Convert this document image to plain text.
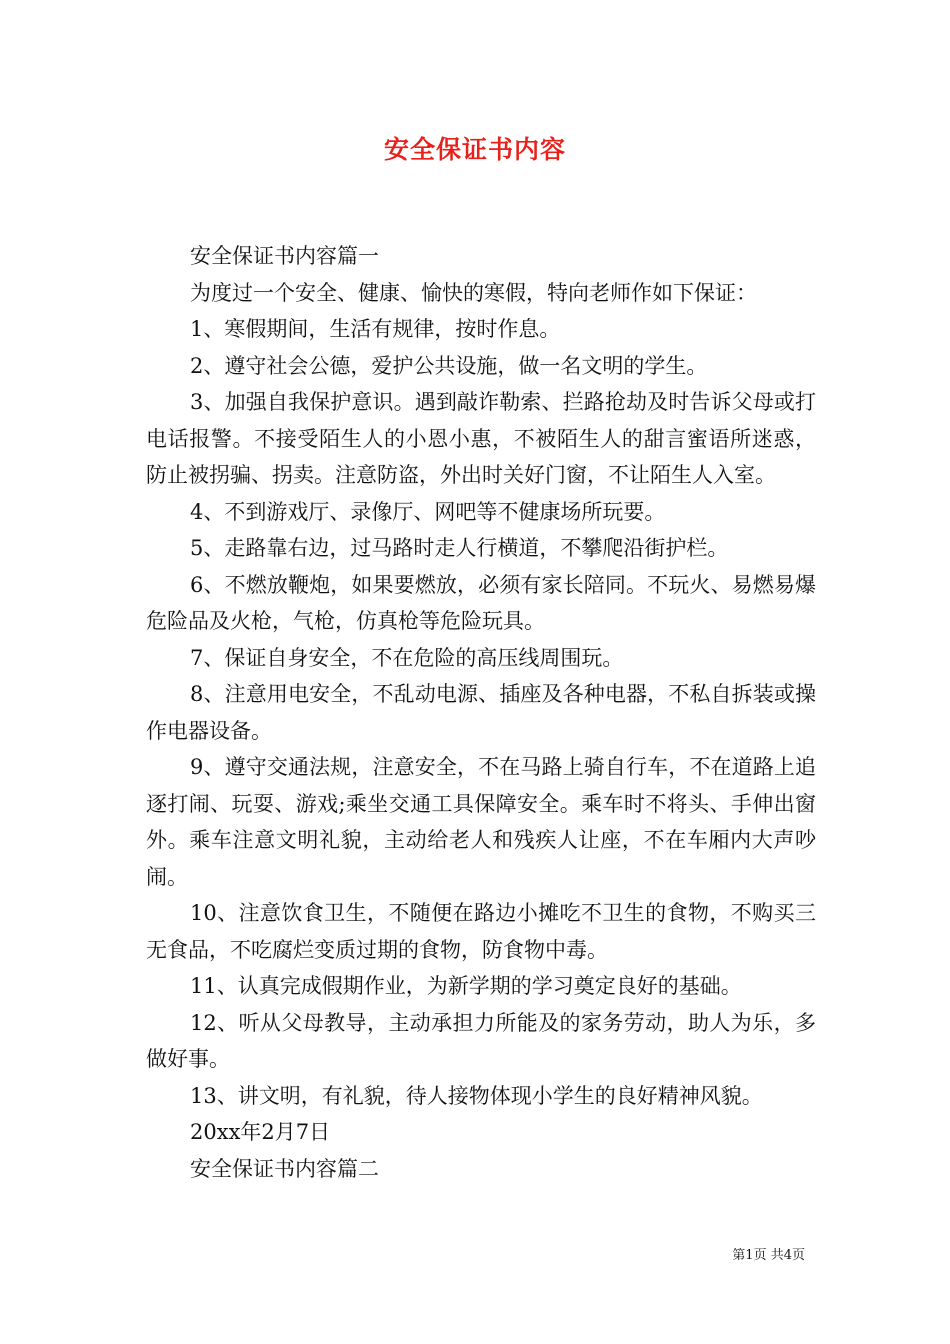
安全保证书内容

安全保证书内容篇一

为度过一个安全、健康、愉快的寒假，特向老师作如下保证：

1、寒假期间，生活有规律，按时作息。

2、遵守社会公德，爱护公共设施，做一名文明的学生。

3、加强自我保护意识。遇到敲诈勒索、拦路抢劫及时告诉父母或打电话报警。不接受陌生人的小恩小惠，不被陌生人的甜言蜜语所迷惑，防止被拐骗、拐卖。注意防盗，外出时关好门窗，不让陌生人入室。

4、不到游戏厅、录像厅、网吧等不健康场所玩要。

5、走路靠右边，过马路时走人行横道，不攀爬沿街护栏。

6、不燃放鞭炮，如果要燃放，必须有家长陪同。不玩火、易燃易爆危险品及火枪，气枪，仿真枪等危险玩具。

7、保证自身安全，不在危险的高压线周围玩。

8、注意用电安全，不乱动电源、插座及各种电器，不私自拆装或操作电器设备。

9、遵守交通法规，注意安全，不在马路上骑自行车，不在道路上追逐打闹、玩耍、游戏;乘坐交通工具保障安全。乘车时不将头、手伸出窗外。乘车注意文明礼貌，主动给老人和残疾人让座，不在车厢内大声吵闹。

10、注意饮食卫生，不随便在路边小摊吃不卫生的食物，不购买三无食品，不吃腐烂变质过期的食物，防食物中毒。

11、认真完成假期作业，为新学期的学习奠定良好的基础。

12、听从父母教导，主动承担力所能及的家务劳动，助人为乐，多做好事。

13、讲文明，有礼貌，待人接物体现小学生的良好精神风貌。

20xx年2月7日

安全保证书内容篇二

第1页 共4页
